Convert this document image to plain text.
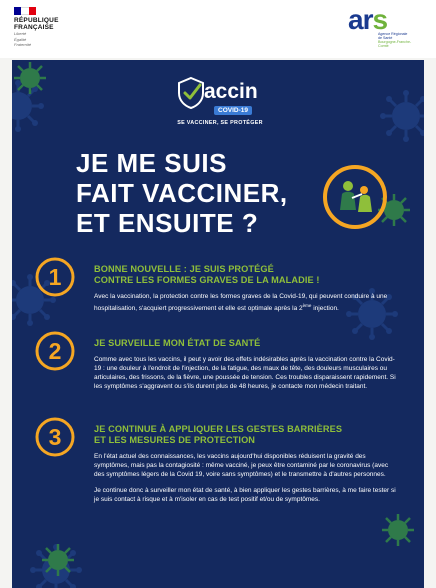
RÉPUBLIQUE
FRANÇAISE
Liberté
Égalité
Fraternité
ars
Agence Régionale de Santé
Bourgogne-Franche-Comté
accin
COVID-19
SE VACCINER, SE PROTÉGER
JE ME SUIS
FAIT VACCINER,
ET ENSUITE ?
1	BONNE NOUVELLE : JE SUIS PROTÉGÉ
CONTRE LES FORMES GRAVES DE LA MALADIE !

Avec la vaccination, la protection contre les formes graves de la Covid-19, qui peuvent conduire à une hospitalisation, s'acquiert progressivement et elle est optimale après la 2ème injection.

2	JE SURVEILLE MON ÉTAT DE SANTÉ

Comme avec tous les vaccins, il peut y avoir des effets indésirables après la vaccination contre la Covid-19 : une douleur à l'endroit de l'injection, de la fatigue, des maux de tête, des douleurs musculaires ou articulaires, des frissons, de la fièvre, une poussée de tension. Ces troubles disparaissent rapidement. Si les symptômes s'aggravent ou s'ils durent plus de 48 heures, je contacte mon médecin traitant.

3	JE CONTINUE À APPLIQUER LES GESTES BARRIÈRES
ET LES MESURES DE PROTECTION

En l'état actuel des connaissances, les vaccins aujourd'hui disponibles réduisent la gravité des symptômes, mais pas la contagiosité : même vacciné, je peux être contaminé par le coronavirus (avec des symptômes légers de la Covid 19, voire sans symptômes) et le transmettre à d'autres personnes.

Je continue donc à surveiller mon état de santé, à bien appliquer les gestes barrières, à me faire tester si je suis contact à risque et à m'isoler en cas de test positif et/ou de symptômes.
